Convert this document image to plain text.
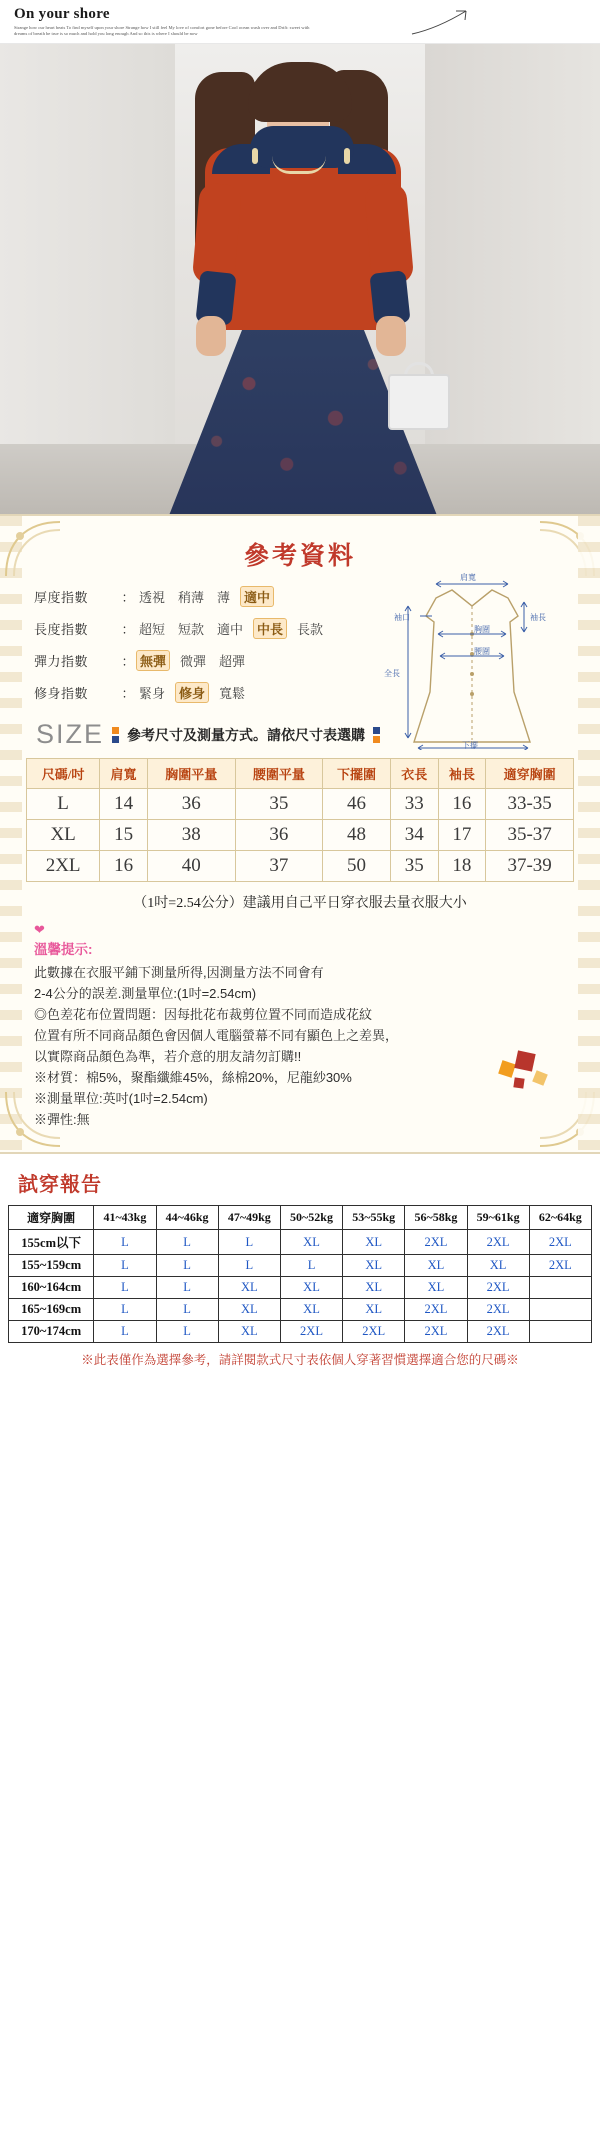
On your shore
Strange how our heart beats To find myself upon your shore Strange how I still feel My love of comfort gone before Cool ocean wash over and Drift: sweet with dreams of breath be true is so much and hold you long enough And so this is where I should be now
參考資料
肩寬
袖長
袖口
胸圍
腰圍
全長
下擺
厚度指數	： 透視 稍薄 薄	適中
長度指數	： 超短 短款 適中	中長	長款
彈力指數	： 無彈	微彈 超彈
修身指數	： 緊身	修身	寬鬆
SIZE 參考尺寸及測量方式。請依尺寸表選購
尺碼/吋	肩寬	胸圍平量	腰圍平量	下擺圍	衣長	袖長	適穿胸圍
L	14	36	35	46	33	16	33-35
XL	15	38	36	48	34	17	35-37
2XL	16	40	37	50	35	18	37-39
（1吋=2.54公分）建議用自己平日穿衣服去量衣服大小
❤
溫馨提示:
此數據在衣服平鋪下測量所得,因測量方法不同會有
2-4公分的誤差.測量單位:(1吋=2.54cm)
◎色差花布位置問題：因每批花布裁剪位置不同而造成花紋
位置有所不同商品顏色會因個人電腦螢幕不同有顯色上之差異，
以實際商品顏色為準，若介意的朋友請勿訂購!!
※材質：棉5%，聚酯纖維45%，絲棉20%，尼龍紗30%
※測量單位:英吋(1吋=2.54cm)
※彈性:無
試穿報告
適穿胸圍	41~43kg	44~46kg	47~49kg	50~52kg	53~55kg	56~58kg	59~61kg	62~64kg
155cm以下	L	L	L	XL	XL	2XL	2XL	2XL
155~159cm	L	L	L	L	XL	XL	XL	2XL
160~164cm	L	L	XL	XL	XL	XL	2XL	
165~169cm	L	L	XL	XL	XL	2XL	2XL	
170~174cm	L	L	XL	2XL	2XL	2XL	2XL	
※此表僅作為選擇參考，請詳閱款式尺寸表依個人穿著習慣選擇適合您的尺碼※
